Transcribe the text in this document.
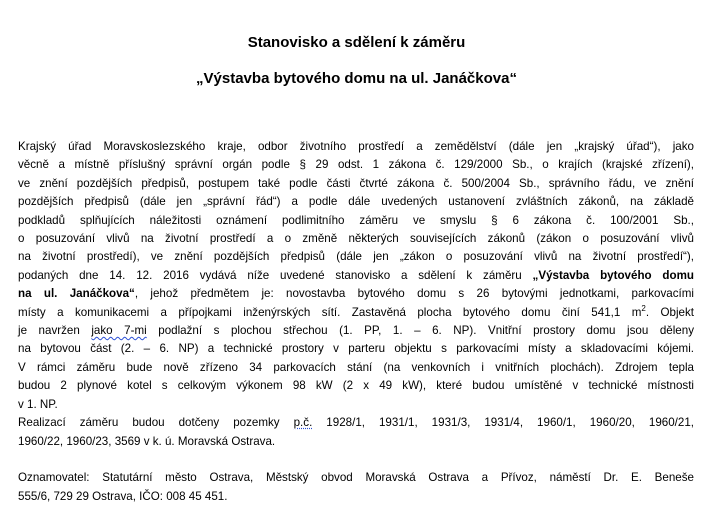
Stanovisko a sdělení k záměru
„Výstavba bytového domu na ul. Janáčkova“
Krajský úřad Moravskoslezského kraje, odbor životního prostředí a zemědělství (dále jen „krajský úřad“), jako
věcně a místně příslušný správní orgán podle § 29 odst. 1 zákona č. 129/2000 Sb., o krajích (krajské zřízení),
ve znění pozdějších předpisů, postupem také podle části čtvrté zákona č. 500/2004 Sb., správního řádu, ve znění
pozdějších předpisů (dále jen „správní řád“) a podle dále uvedených ustanovení zvláštních zákonů, na základě
podkladů splňujících náležitosti oznámení podlimitního záměru ve smyslu § 6 zákona č. 100/2001 Sb.,
o posuzování vlivů na životní prostředí a o změně některých souvisejících zákonů (zákon o posuzování vlivů
na životní prostředí), ve znění pozdějších předpisů (dále jen „zákon o posuzování vlivů na životní prostředí“),
podaných dne 14. 12. 2016 vydává níže uvedené stanovisko a sdělení k záměru „Výstavba bytového domu
na ul. Janáčkova“, jehož předmětem je: novostavba bytového domu s 26 bytovými jednotkami, parkovacími
místy a komunikacemi a přípojkami inženýrských sítí. Zastavěná plocha bytového domu činí 541,1 $m^2$. Objekt
je navržen jako 7-mi podlažní s plochou střechou (1. PP, 1. – 6. NP). Vnitřní prostory domu jsou děleny
na bytovou část (2. – 6. NP) a technické prostory v parteru objektu s parkovacími místy a skladovacími kójemi.
V rámci záměru bude nově zřízeno 34 parkovacích stání (na venkovních i vnitřních plochách). Zdrojem tepla
budou 2 plynové kotel s celkovým výkonem 98 kW (2 x 49 kW), které budou umístěné v technické místnosti
v 1. NP.
Realizací záměru budou dotčeny pozemky p.č. 1928/1, 1931/1, 1931/3, 1931/4, 1960/1, 1960/20, 1960/21,
1960/22, 1960/23, 3569 v k. ú. Moravská Ostrava.
Oznamovatel: Statutární město Ostrava, Městský obvod Moravská Ostrava a Přívoz, náměstí Dr. E. Beneše
555/6, 729 29 Ostrava, IČO: 008 45 451.
